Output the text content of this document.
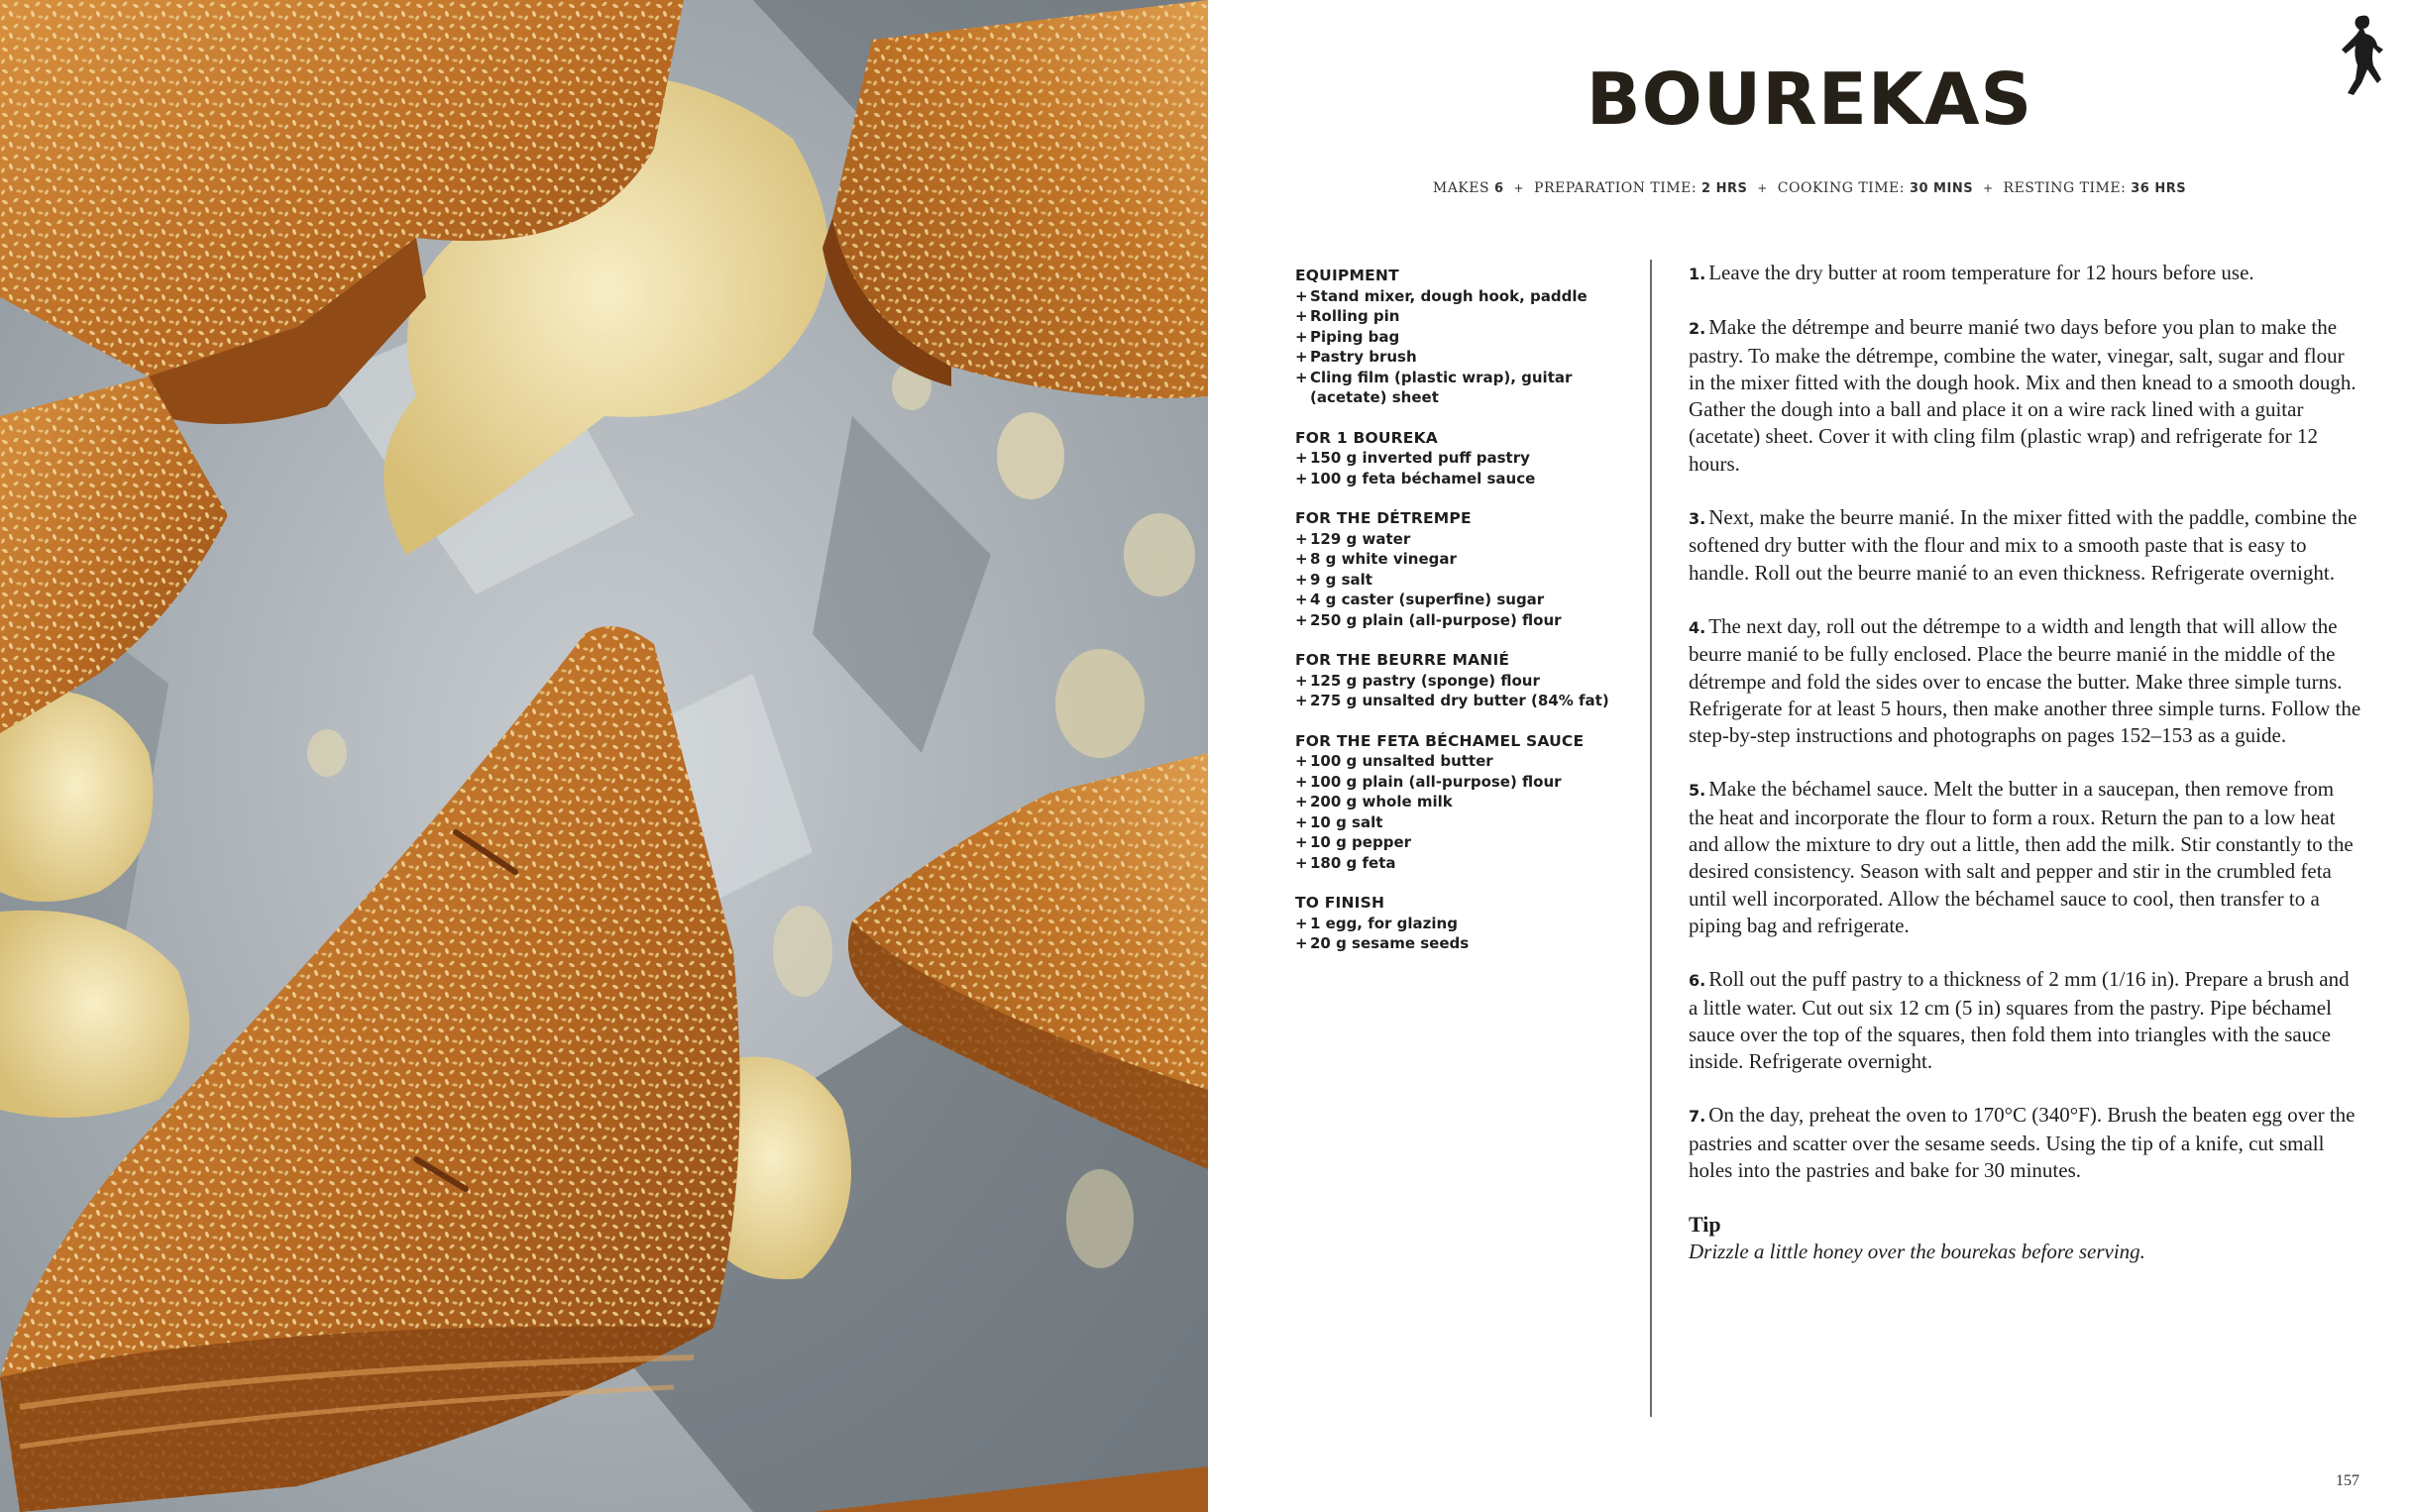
BOUREKAS
MAKES 6 + PREPARATION TIME: 2 HRS + COOKING TIME: 30 MINS + RESTING TIME: 36 HRS
EQUIPMENT
+ Stand mixer, dough hook, paddle
+ Rolling pin
+ Piping bag
+ Pastry brush
+ Cling film (plastic wrap), guitar (acetate) sheet
FOR 1 BOUREKA
+ 150 g inverted puff pastry
+ 100 g feta béchamel sauce
FOR THE DÉTREMPE
+ 129 g water
+ 8 g white vinegar
+ 9 g salt
+ 4 g caster (superfine) sugar
+ 250 g plain (all-purpose) flour
FOR THE BEURRE MANIÉ
+ 125 g pastry (sponge) flour
+ 275 g unsalted dry butter (84% fat)
FOR THE FETA BÉCHAMEL SAUCE
+ 100 g unsalted butter
+ 100 g plain (all-purpose) flour
+ 200 g whole milk
+ 10 g salt
+ 10 g pepper
+ 180 g feta
TO FINISH
+ 1 egg, for glazing
+ 20 g sesame seeds

1. Leave the dry butter at room temperature for 12 hours before use.

2. Make the détrempe and beurre manié two days before you plan to make the pastry. To make the détrempe, combine the water, vinegar, salt, sugar and flour in the mixer fitted with the dough hook. Mix and then knead to a smooth dough. Gather the dough into a ball and place it on a wire rack lined with a guitar (acetate) sheet. Cover it with cling film (plastic wrap) and refrigerate for 12 hours.

3. Next, make the beurre manié. In the mixer fitted with the paddle, combine the softened dry butter with the flour and mix to a smooth paste that is easy to handle. Roll out the beurre manié to an even thickness. Refrigerate overnight.

4. The next day, roll out the détrempe to a width and length that will allow the beurre manié to be fully enclosed. Place the beurre manié in the middle of the détrempe and fold the sides over to encase the butter. Make three simple turns. Refrigerate for at least 5 hours, then make another three simple turns. Follow the step-by-step instructions and photographs on pages 152–153 as a guide.

5. Make the béchamel sauce. Melt the butter in a saucepan, then remove from the heat and incorporate the flour to form a roux. Return the pan to a low heat and allow the mixture to dry out a little, then add the milk. Stir constantly to the desired consistency. Season with salt and pepper and stir in the crumbled feta until well incorporated. Allow the béchamel sauce to cool, then transfer to a piping bag and refrigerate.

6. Roll out the puff pastry to a thickness of 2 mm (1/16 in). Prepare a brush and a little water. Cut out six 12 cm (5 in) squares from the pastry. Pipe béchamel sauce over the top of the squares, then fold them into triangles with the sauce inside. Refrigerate overnight.

7. On the day, preheat the oven to 170°C (340°F). Brush the beaten egg over the pastries and scatter over the sesame seeds. Using the tip of a knife, cut small holes into the pastries and bake for 30 minutes.

Tip
Drizzle a little honey over the bourekas before serving.
157
